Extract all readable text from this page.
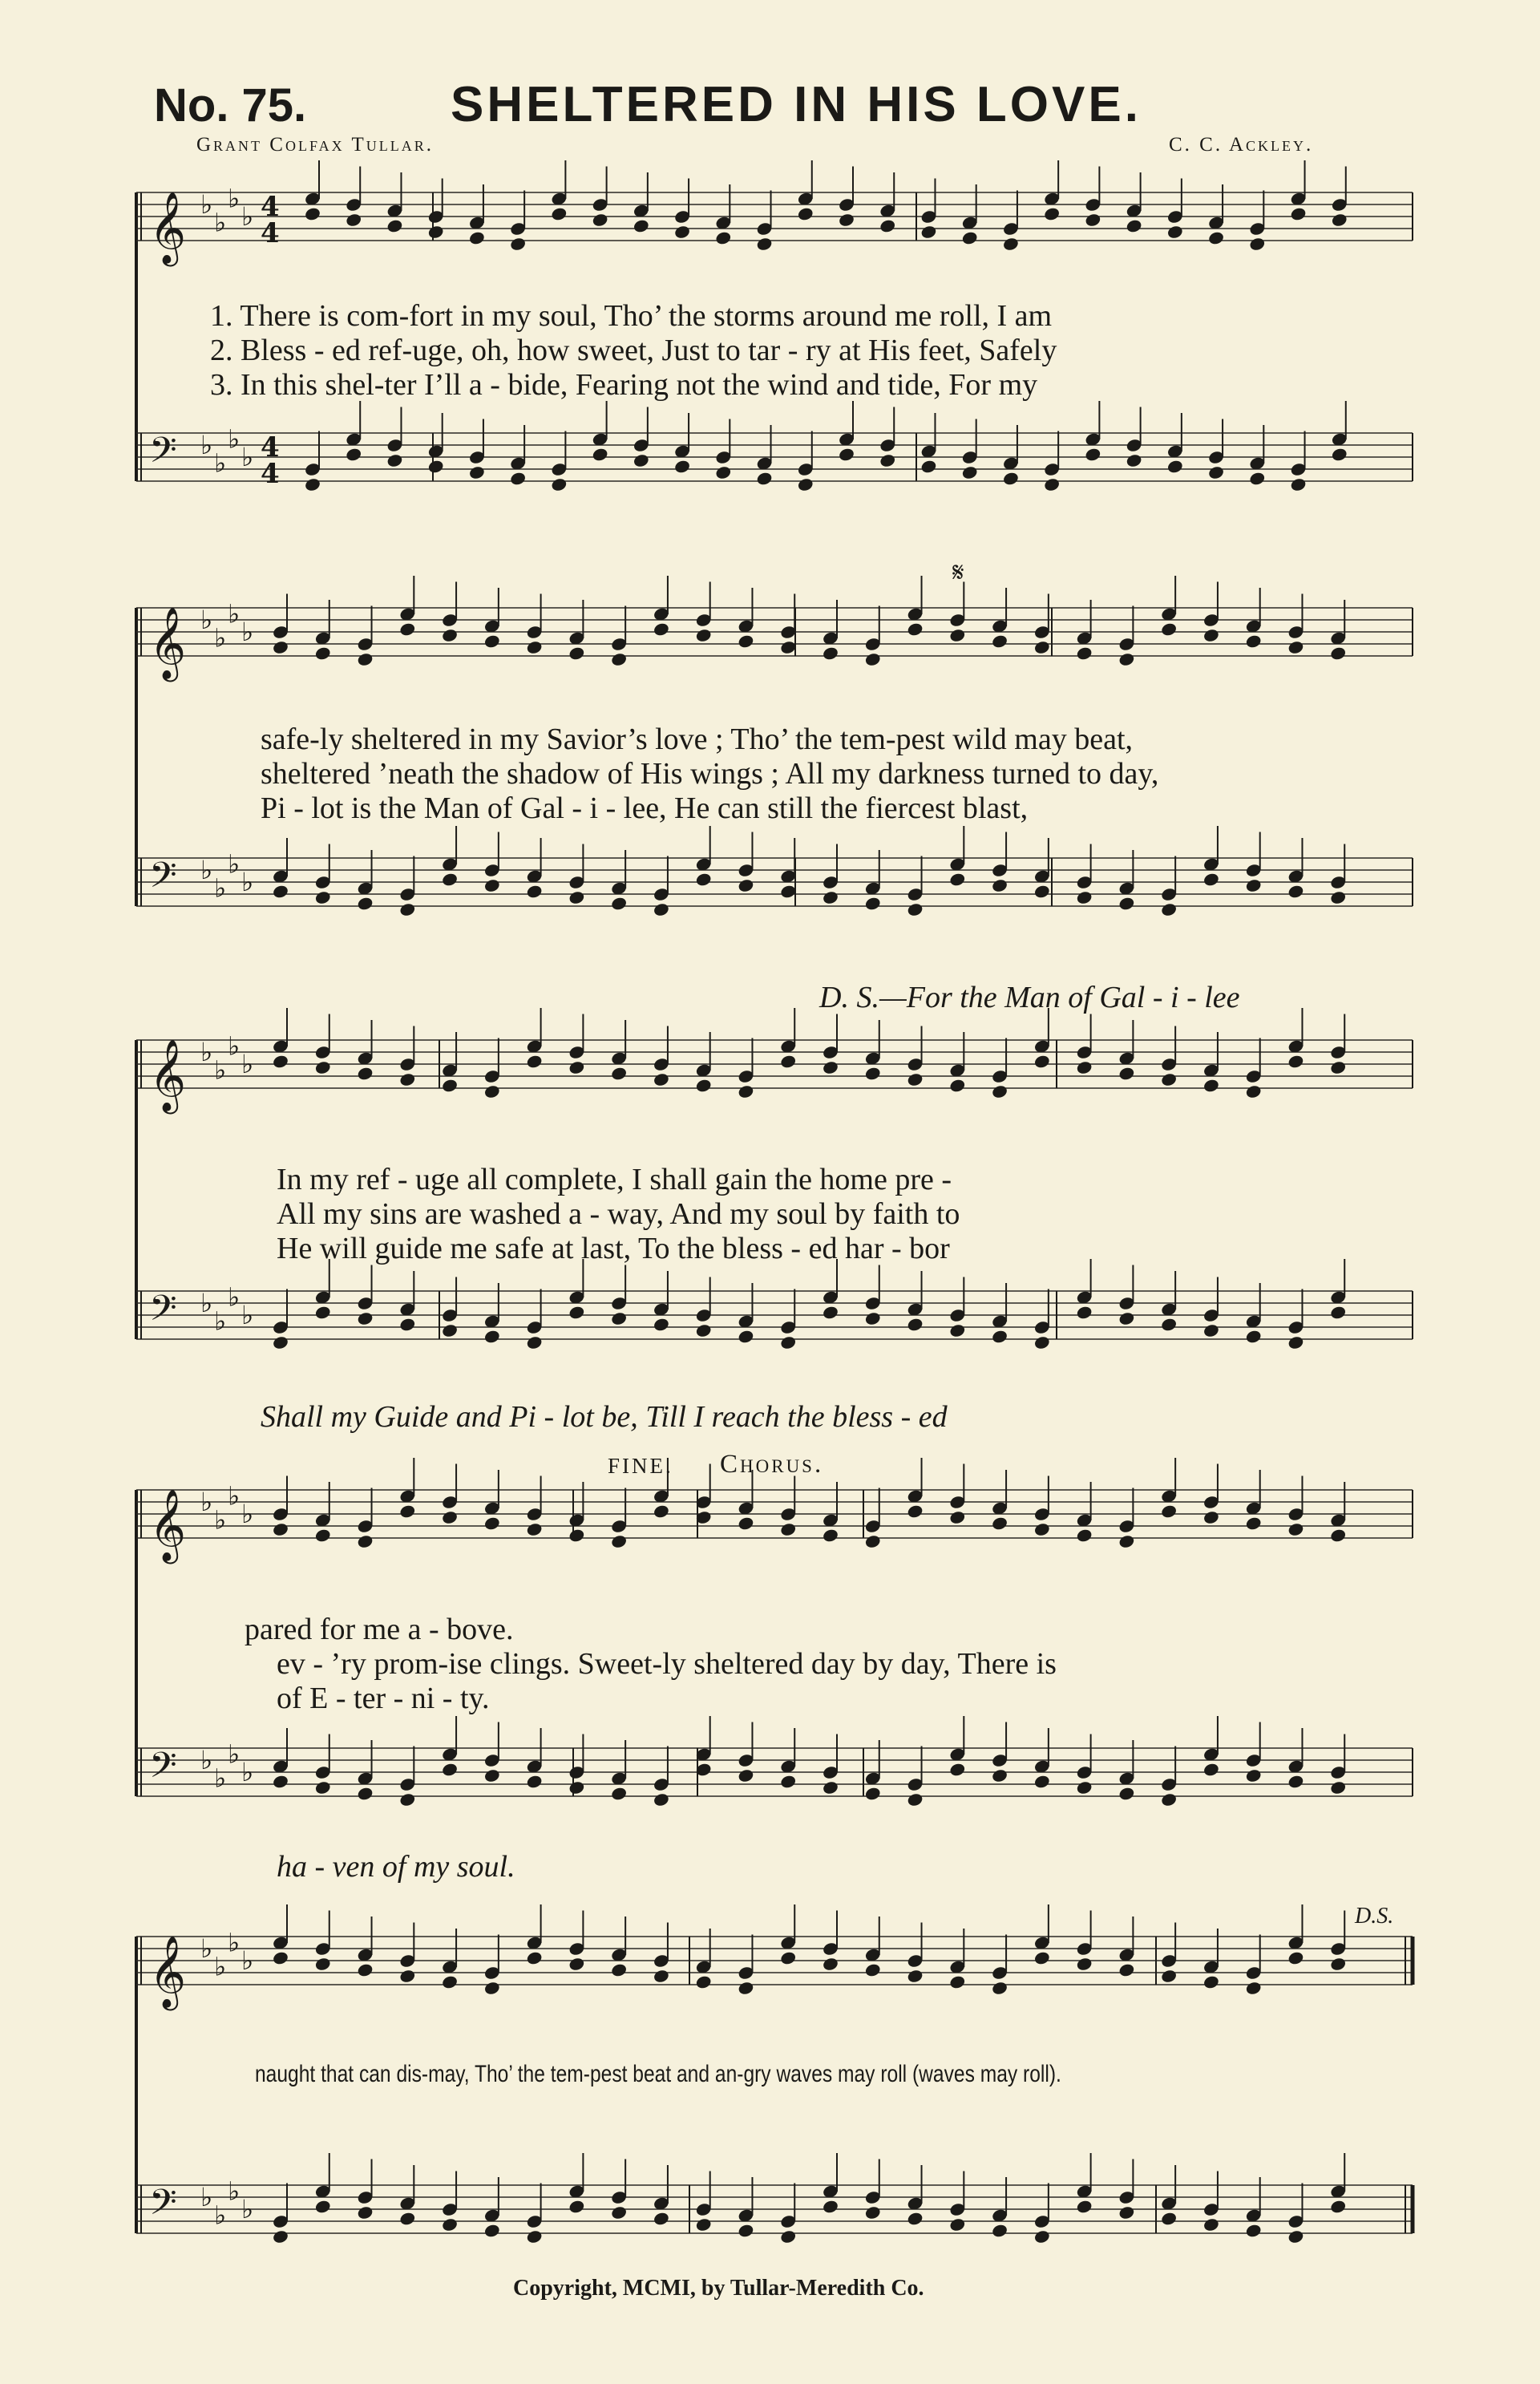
No. 75.	SHELTERED IN HIS LOVE.
Grant Colfax Tullar.	C. C. Ackley.
𝄞 ♭
♭
♭
♭ 4
4
𝄢 ♭
♭
♭
♭ 4
4
𝄞 ♭
♭
♭
♭
𝄢 ♭
♭
♭
♭
𝄞 ♭
♭
♭
♭
𝄢 ♭
♭
♭
♭
𝄞 ♭
♭
♭
♭
𝄢 ♭
♭
♭
♭
𝄞 ♭
♭
♭
♭
𝄢 ♭
♭
♭
♭
1. There is com-fort in my soul, Tho’ the storms around me roll, I am
2. Bless - ed ref-uge, oh, how sweet, Just to tar - ry at His feet, Safely
3. In this shel-ter I’ll a - bide, Fearing not the wind and tide, For my
𝄋
safe-ly sheltered in my Savior’s love ; Tho’ the tem-pest wild may beat,
sheltered ’neath the shadow of His wings ; All my darkness turned to day,
Pi - lot is the Man of Gal - i - lee, He can still the fiercest blast,
D. S.—For the Man of Gal - i - lee
In my ref - uge all complete, I shall gain the home pre -
All my sins are washed a - way, And my soul by faith to
He will guide me safe at last, To the bless - ed har - bor
Shall my Guide and Pi - lot be, Till I reach the bless - ed
FINE. Chorus.
pared for me a - bove.
ev - ’ry prom-ise clings. Sweet-ly sheltered day by day, There is
of E - ter - ni - ty.
ha - ven of my soul.
D.S.
naught that can dis-may, Tho’ the tem-pest beat and an-gry waves may roll (waves may roll).
Copyright, MCMI, by Tullar-Meredith Co.
